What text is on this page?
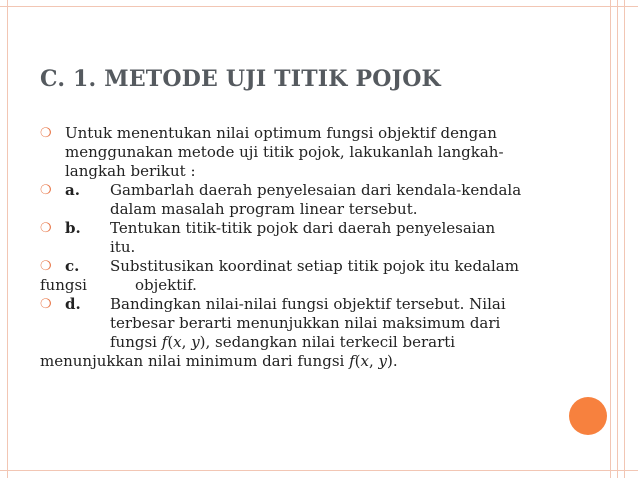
C. 1. METODE UJI TITIK POJOK
❍ Untuk menentukan nilai optimum fungsi objektif dengan
menggunakan metode uji titik pojok, lakukanlah langkah-
langkah berikut :
❍ a. Gambarlah daerah penyelesaian dari kendala-kendala
dalam masalah program linear tersebut.
❍ b. Tentukan titik-titik pojok dari daerah penyelesaian
itu.
❍ c. Substitusikan koordinat setiap titik pojok itu kedalam
fungsi	objektif.
❍ d. Bandingkan nilai-nilai fungsi objektif tersebut. Nilai
terbesar berarti menunjukkan nilai maksimum dari
fungsi f(x, y), sedangkan nilai terkecil berarti
menunjukkan nilai minimum dari fungsi f(x, y).
